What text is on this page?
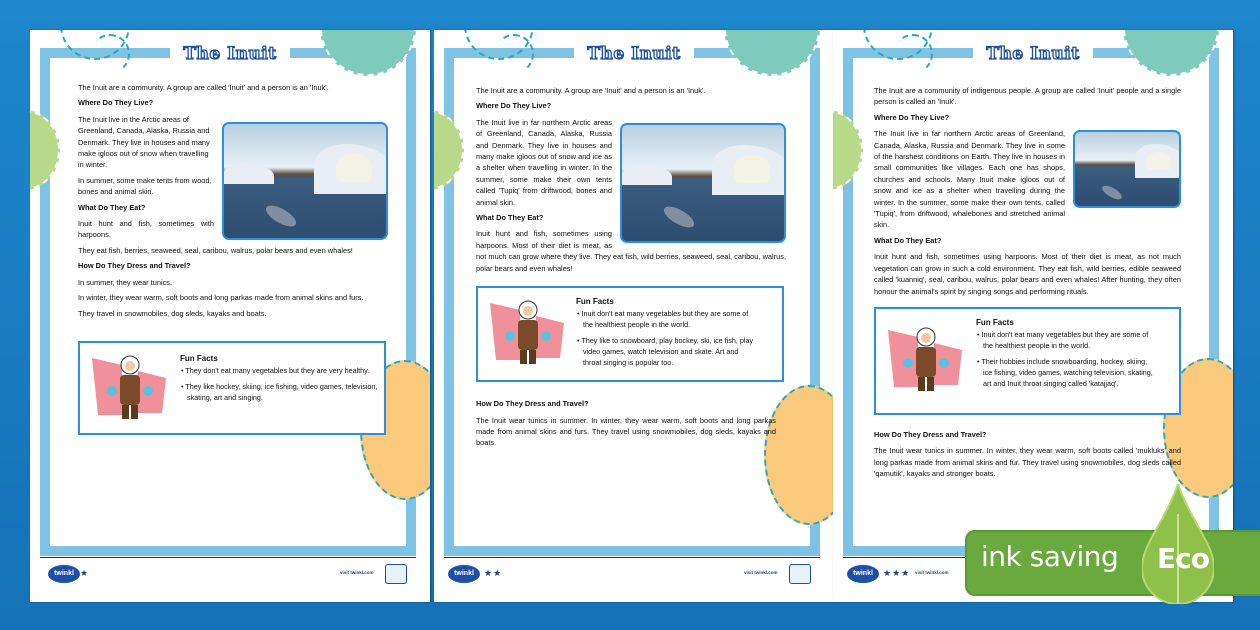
The Inuit

The Inuit are a community. A group are called 'Inuit' and a person is an 'Inuk'.

Where Do They Live?

The Inuit live in the Arctic areas of Greenland, Canada, Alaska, Russia and Denmark. They live in houses and many make igloos out of snow when travelling in winter.

In summer, some make tents from wood, bones and animal skin.

What Do They Eat?

Inuit hunt and fish, sometimes with harpoons.

They eat fish, berries, seaweed, seal, caribou, walrus, polar bears and even whales!

How Do They Dress and Travel?

In summer, they wear tunics.

In winter, they wear warm, soft boots and long parkas made from animal skins and furs.

They travel in snowmobiles, dog sleds, kayaks and boats.

Fun Facts
• They don't eat many vegetables but they are very healthy.
• They like hockey, skiing, ice fishing, video games, television, skating, art and singing.
twinkl ★	visit twinkl.com
The Inuit

The Inuit are a community. A group are 'Inuit' and a person is an 'Inuk'.

Where Do They Live?

The Inuit live in far northern Arctic areas of Greenland, Canada, Alaska, Russia and Denmark. They live in houses and many make igloos out of snow and ice as a shelter when travelling in winter. In the summer, some make their own tents called 'Tupiq' from driftwood, bones and animal skin.

What Do They Eat?

Inuit hunt and fish, sometimes using harpoons. Most of their diet is meat, as not much can grow where they live. They eat fish, wild berries, seaweed, seal, caribou, walrus, polar bears and even whales!

Fun Facts
• Inuit don't eat many vegetables but they are some of the healthiest people in the world.
• They like to snowboard, play hockey, ski, ice fish, play video games, watch television and skate. Art and throat singing is popular too.
How Do They Dress and Travel?

The Inuit wear tunics in summer. In winter, they wear warm, soft boots and long parkas made from animal skins and furs. They travel using snowmobiles, dog sleds, kayaks and boats.

twinkl	★★	visit twinkl.com
The Inuit

The Inuit are a community of indigenous people. A group are called 'Inuit' people and a single person is called an 'Inuk'.

Where Do They Live?

The Inuit live in far northern Arctic areas of Greenland, Canada, Alaska, Russia and Denmark. They live in some of the harshest conditions on Earth. They live in houses in small communities like villages. Each one has shops, churches and schools. Many Inuit make igloos out of snow and ice as a shelter when travelling during the winter. In the summer, some make their own tents, called 'Tupiq', from driftwood, whalebones and stretched animal skin.

What Do They Eat?

Inuit hunt and fish, sometimes using harpoons. Most of their diet is meat, as not much vegetation can grow in such a cold environment. They eat fish, wild berries, edible seaweed called 'kuanniq', seal, caribou, walrus, polar bears and even whales! After hunting, they often honour the animal's spirit by singing songs and performing rituals.

Fun Facts
• Inuit don't eat many vegetables but they are some of the healthiest people in the world.
• Their hobbies include snowboarding, hockey, skiing, ice fishing, video games, watching television, skating, art and Inuit throat singing called 'katajjaq'.
How Do They Dress and Travel?

The Inuit wear tunics in summer. In winter, they wear warm, soft boots called 'mukluks' and long parkas made from animal skins and fur. They travel using snowmobiles, dog sleds called 'qamutik', kayaks and stronger boats.

twinkl	★★★ visit twinkl.com ink saving Eco
